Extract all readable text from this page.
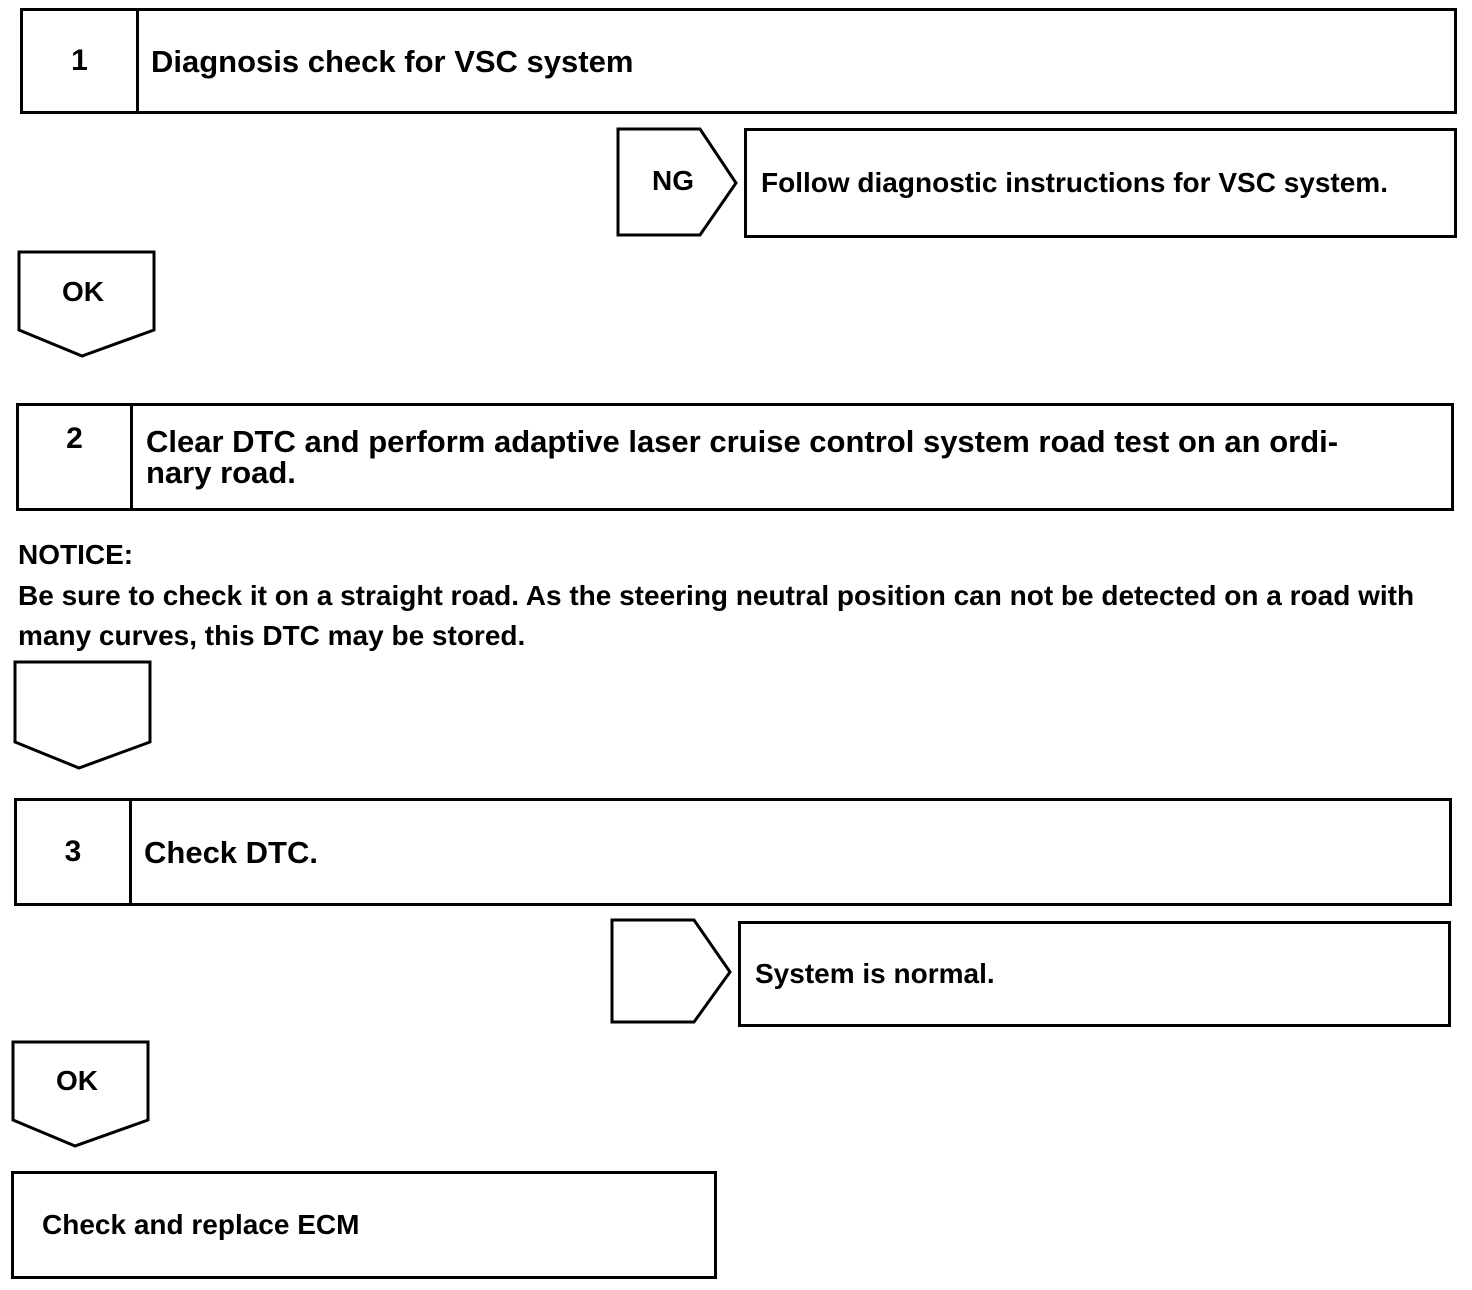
1	Diagnosis check for VSC system
NG	Follow diagnostic instructions for VSC system.
OK
2	Clear DTC and perform adaptive laser cruise control system road test on an ordi-
nary road.
NOTICE:
Be sure to check it on a straight road. As the steering neutral position can not be detected on a road with many curves, this DTC may be stored.
3	Check DTC.
System is normal.
OK
Check and replace ECM
